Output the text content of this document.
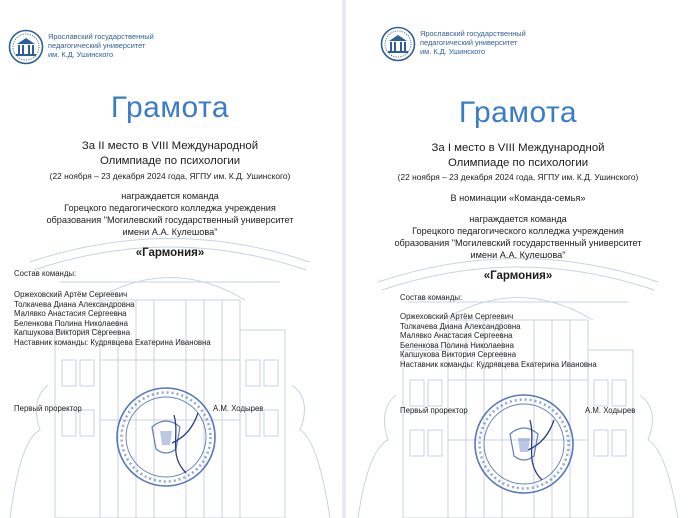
Ярославский государственный
педагогический университет
им. К.Д. Ушинского
Грамота
За II место в VIII Международной
Олимпиаде по психологии
(22 ноября – 23 декабря 2024 года, ЯГПУ им. К.Д. Ушинского)
награждается команда
Горецкого педагогического колледжа учреждения
образования "Могилевский государственный университет
имени А.А. Кулешова"
«Гармония»
Состав команды:
Оржеховский Артём Сергеевич
Толкачева Диана Александровна
Малявко Анастасия Сергеевна
Беленкова Полина Николаевна
Капшукова Виктория Сергеевна
Наставник команды: Кудрявцева Екатерина Ивановна
Первый проректор	А.М. Ходырев
Ярославский государственный
педагогический университет
им. К.Д. Ушинского
Грамота
За I место в VIII Международной
Олимпиаде по психологии
(22 ноября – 23 декабря 2024 года, ЯГПУ им. К.Д. Ушинского)
В номинации «Команда-семья»
награждается команда
Горецкого педагогического колледжа учреждения
образования "Могилевский государственный университет
имени А.А. Кулешова"
«Гармония»
Состав команды:
Оржеховский Артём Сергеевич
Толкачева Диана Александровна
Малявко Анастасия Сергеевна
Беленкова Полина Николаевна
Капшукова Виктория Сергеевна
Наставник команды: Кудрявцева Екатерина Ивановна
Первый проректор	А.М. Ходырев
